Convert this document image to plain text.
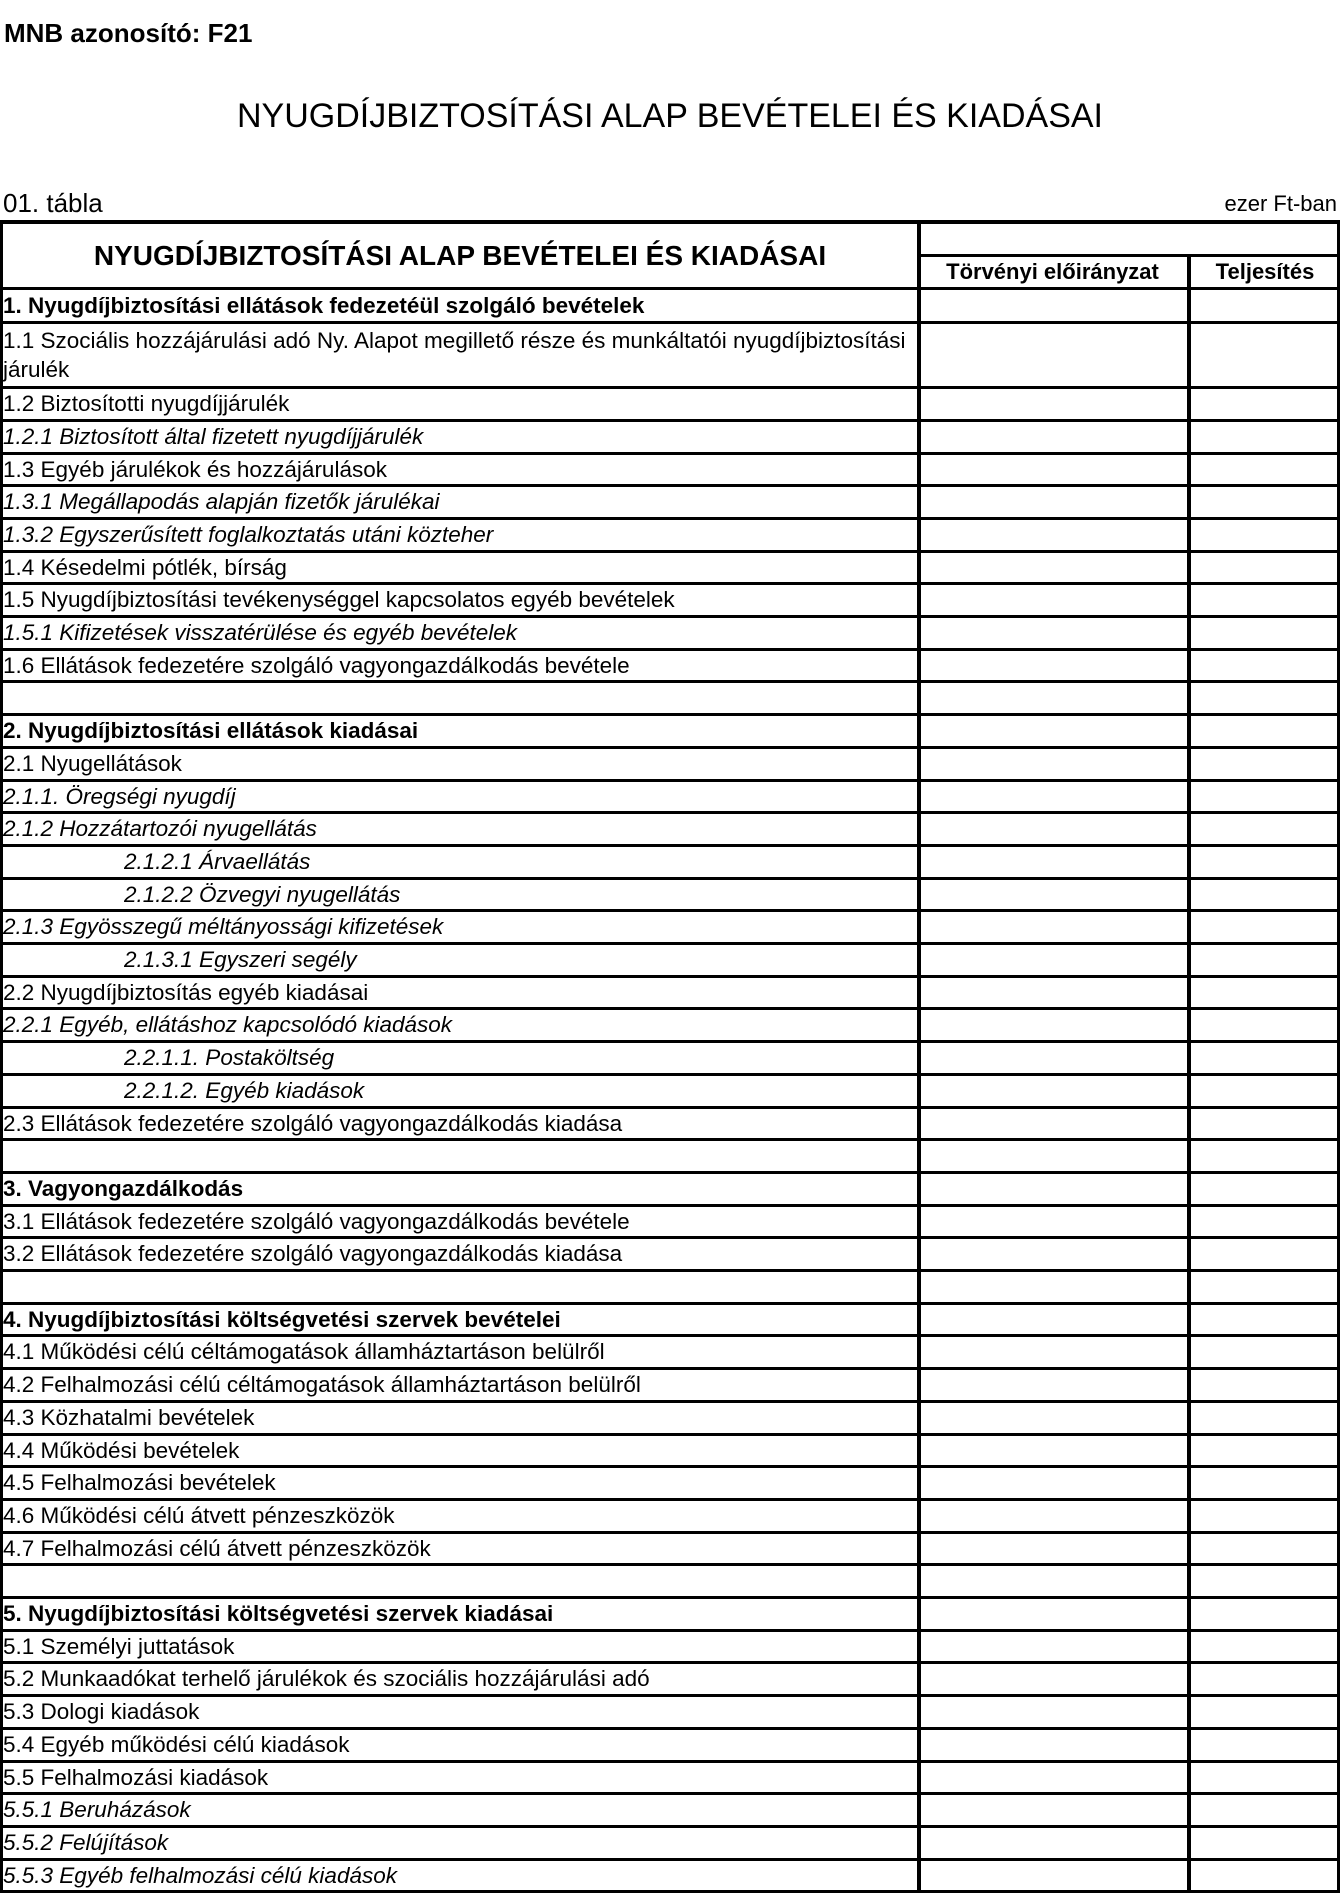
MNB azonosító: F21
NYUGDÍJBIZTOSÍTÁSI ALAP BEVÉTELEI ÉS KIADÁSAI
01. tábla	ezer Ft-ban
NYUGDÍJBIZTOSÍTÁSI ALAP BEVÉTELEI ÉS KIADÁSAI
Törvényi előirányzat	Teljesítés
1. Nyugdíjbiztosítási ellátások fedezetéül szolgáló bevételek
1.1 Szociális hozzájárulási adó Ny. Alapot megillető része és munkáltatói nyugdíjbiztosítási járulék
1.2 Biztosítotti nyugdíjjárulék
1.2.1 Biztosított által fizetett nyugdíjjárulék
1.3 Egyéb járulékok és hozzájárulások
1.3.1 Megállapodás alapján fizetők járulékai
1.3.2 Egyszerűsített foglalkoztatás utáni közteher
1.4 Késedelmi pótlék, bírság
1.5 Nyugdíjbiztosítási tevékenységgel kapcsolatos egyéb bevételek
1.5.1 Kifizetések visszatérülése és egyéb bevételek
1.6 Ellátások fedezetére szolgáló vagyongazdálkodás bevétele
2. Nyugdíjbiztosítási ellátások kiadásai
2.1 Nyugellátások
2.1.1. Öregségi nyugdíj
2.1.2 Hozzátartozói nyugellátás
2.1.2.1 Árvaellátás
2.1.2.2 Özvegyi nyugellátás
2.1.3 Egyösszegű méltányossági kifizetések
2.1.3.1 Egyszeri segély
2.2 Nyugdíjbiztosítás egyéb kiadásai
2.2.1 Egyéb, ellátáshoz kapcsolódó kiadások
2.2.1.1. Postaköltség
2.2.1.2. Egyéb kiadások
2.3 Ellátások fedezetére szolgáló vagyongazdálkodás kiadása
3. Vagyongazdálkodás
3.1 Ellátások fedezetére szolgáló vagyongazdálkodás bevétele
3.2 Ellátások fedezetére szolgáló vagyongazdálkodás kiadása
4. Nyugdíjbiztosítási költségvetési szervek bevételei
4.1 Működési célú céltámogatások államháztartáson belülről
4.2 Felhalmozási célú céltámogatások államháztartáson belülről
4.3 Közhatalmi bevételek
4.4 Működési bevételek
4.5 Felhalmozási bevételek
4.6 Működési célú átvett pénzeszközök
4.7 Felhalmozási célú átvett pénzeszközök
5. Nyugdíjbiztosítási költségvetési szervek kiadásai
5.1 Személyi juttatások
5.2 Munkaadókat terhelő járulékok és szociális hozzájárulási adó
5.3 Dologi kiadások
5.4 Egyéb működési célú kiadások
5.5 Felhalmozási kiadások
5.5.1 Beruházások
5.5.2 Felújítások
5.5.3 Egyéb felhalmozási célú kiadások
